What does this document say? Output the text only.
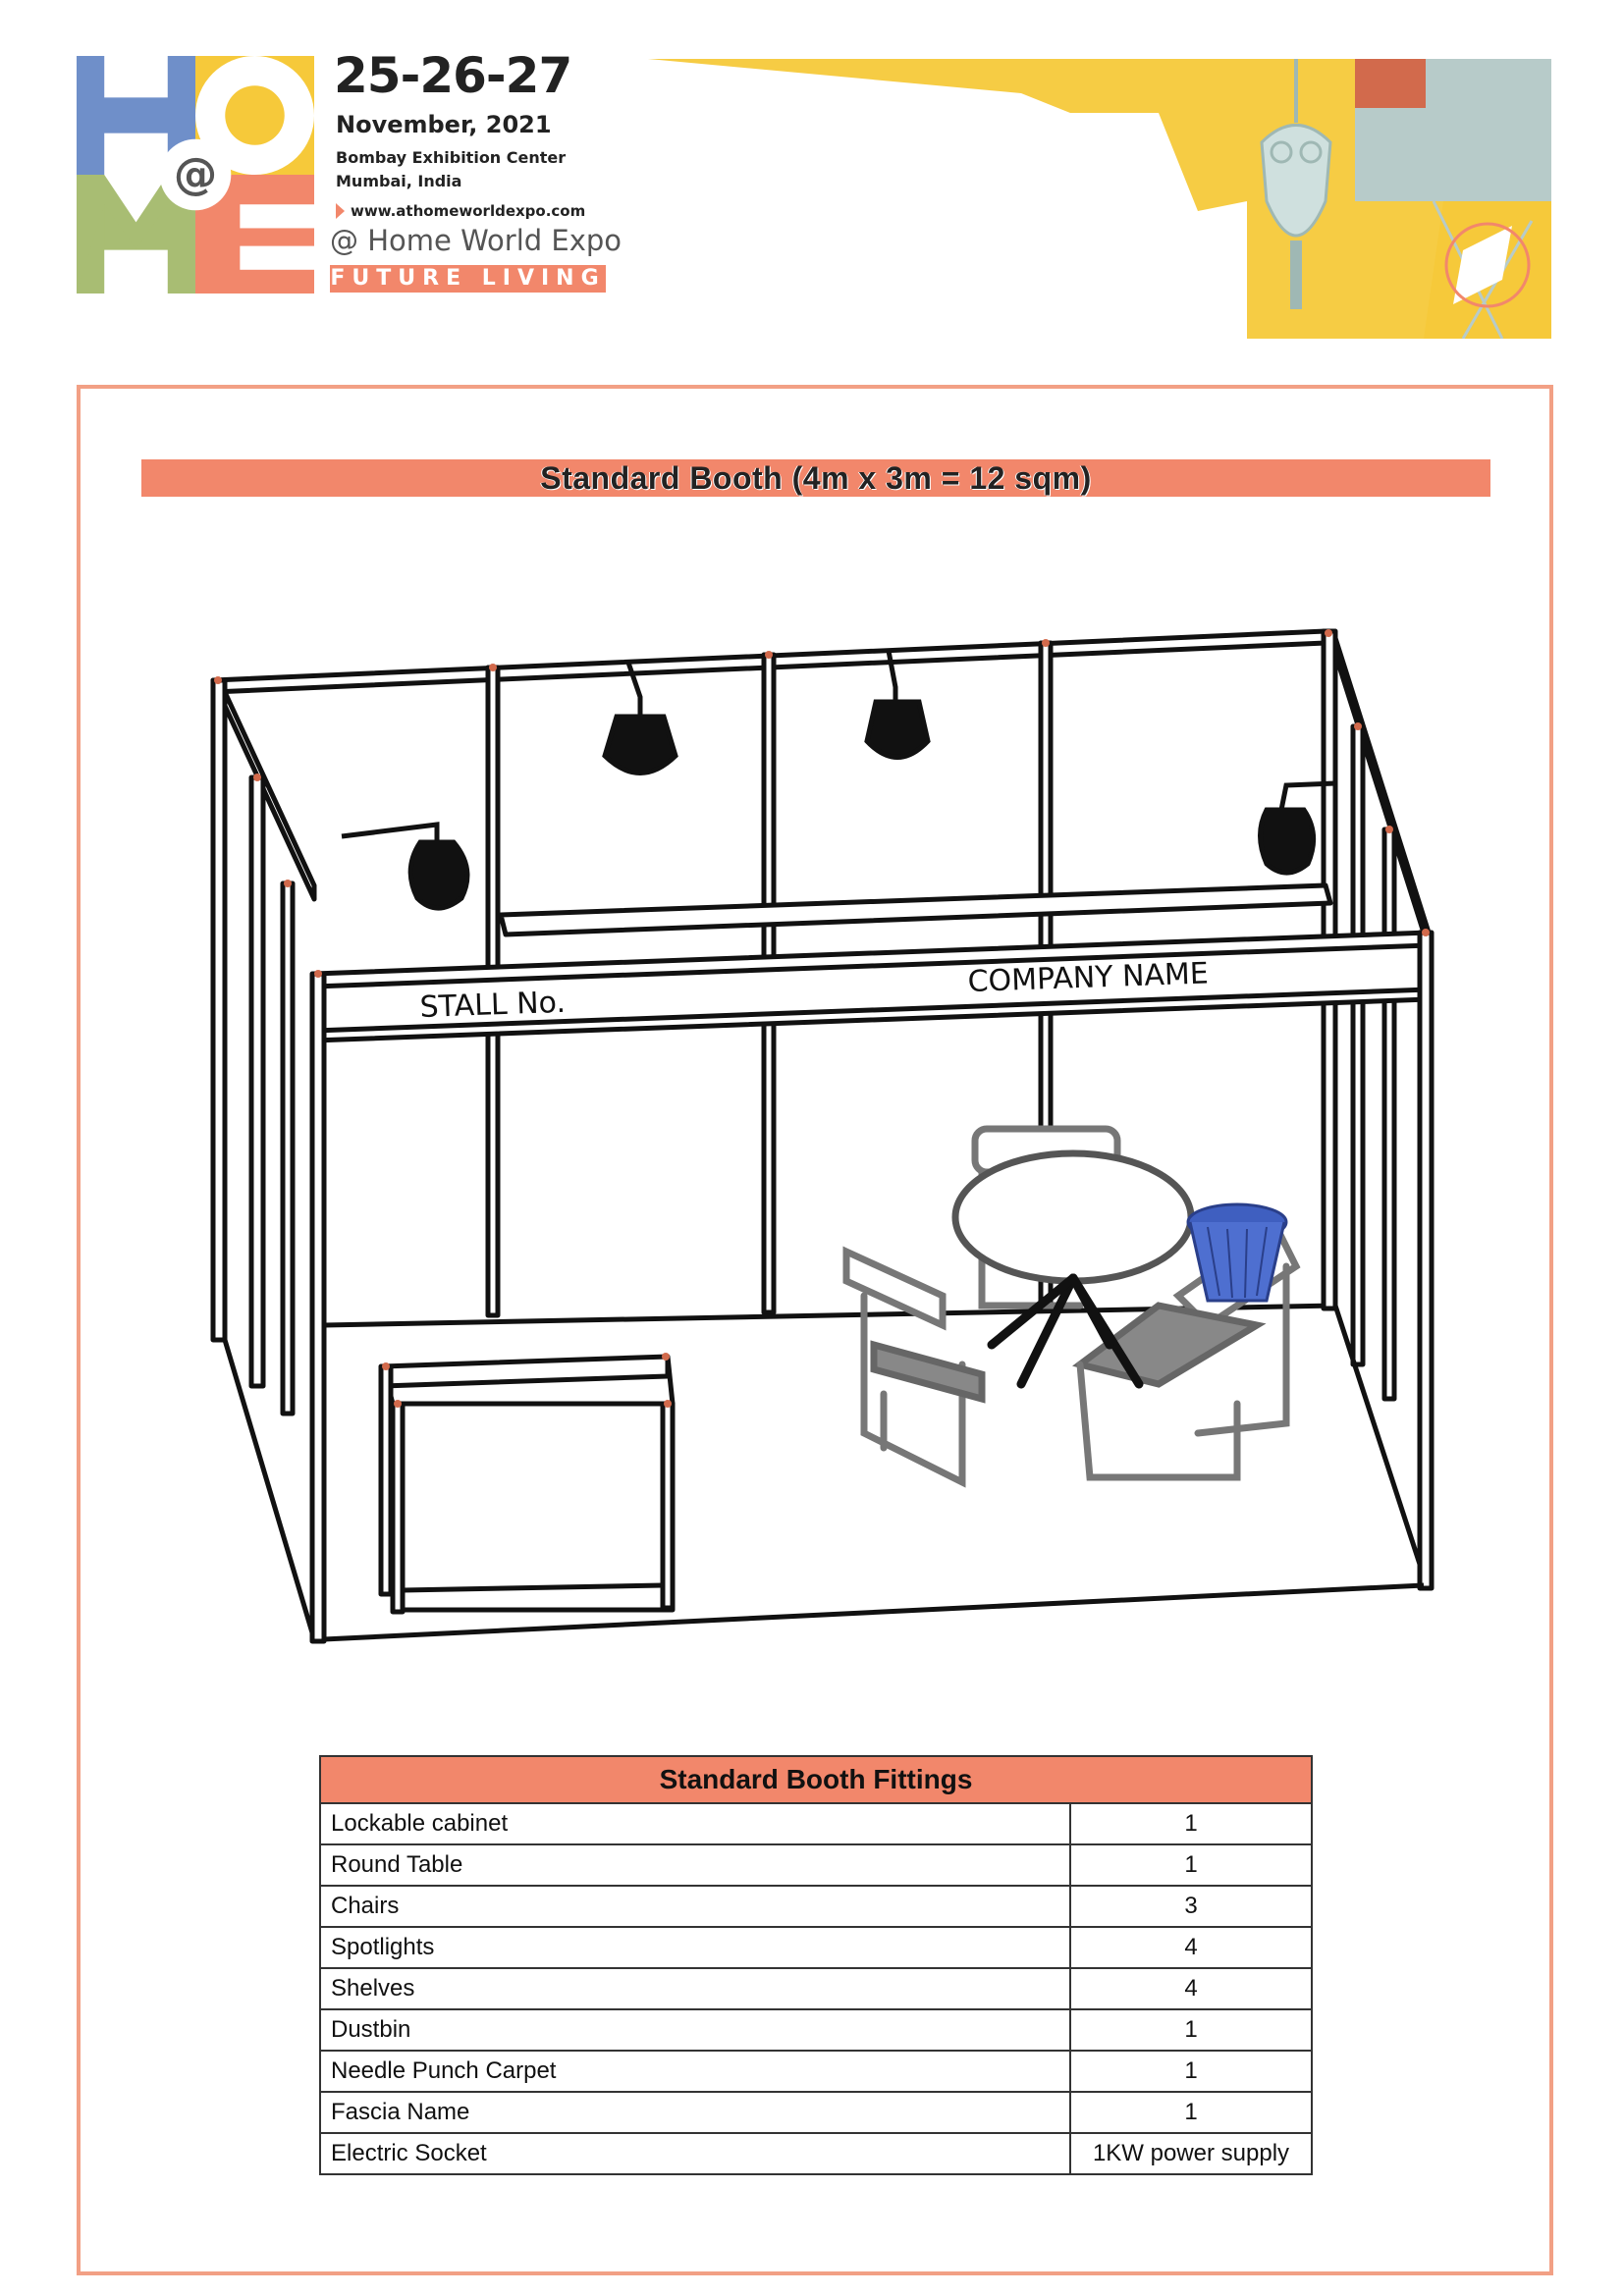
@
25-26-27
November, 2021
Bombay Exhibition Center
Mumbai, India
www.athomeworldexpo.com
@ Home World Expo
FUTURE LIVING
Standard Booth (4m x 3m = 12 sqm)
STALL No.
COMPANY NAME
Standard Booth Fittings	
Lockable cabinet	1
Round Table	1
Chairs	3
Spotlights	4
Shelves	4
Dustbin	1
Needle Punch Carpet	1
Fascia Name	1
Electric Socket	1KW power supply
